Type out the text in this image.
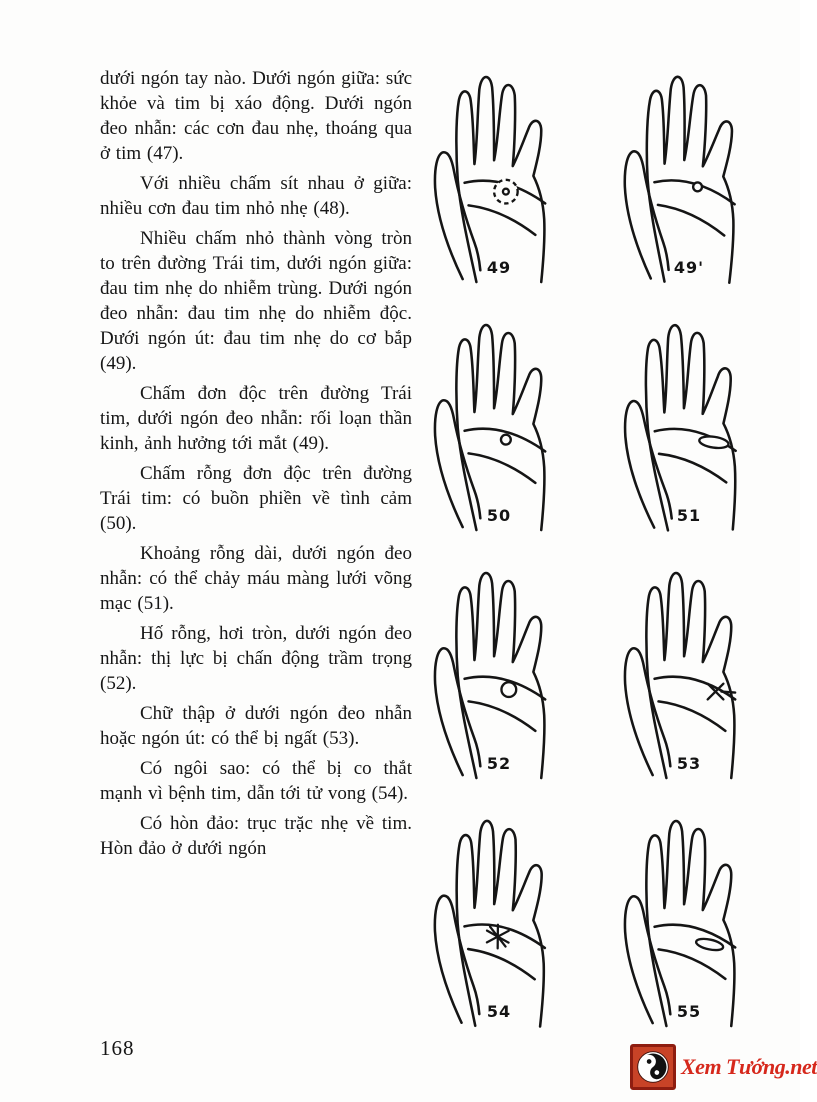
dưới ngón tay nào. Dưới ngón giữa: sức khỏe và tim bị xáo động. Dưới ngón đeo nhẫn: các cơn đau nhẹ, thoáng qua ở tim (47).

Với nhiều chấm sít nhau ở giữa: nhiều cơn đau tim nhỏ nhẹ (48).

Nhiều chấm nhỏ thành vòng tròn to trên đường Trái tim, dưới ngón giữa: đau tim nhẹ do nhiễm trùng. Dưới ngón đeo nhẫn: đau tim nhẹ do nhiễm độc. Dưới ngón út: đau tim nhẹ do cơ bắp (49).

Chấm đơn độc trên đường Trái tim, dưới ngón đeo nhẫn: rối loạn thần kinh, ảnh hưởng tới mắt (49).

Chấm rỗng đơn độc trên đường Trái tim: có buồn phiền về tình cảm (50).

Khoảng rỗng dài, dưới ngón đeo nhẫn: có thể chảy máu màng lưới võng mạc (51).

Hố rỗng, hơi tròn, dưới ngón đeo nhẫn: thị lực bị chấn động trầm trọng (52).

Chữ thập ở dưới ngón đeo nhẫn hoặc ngón út: có thể bị ngất (53).

Có ngôi sao: có thể bị co thắt mạnh vì bệnh tim, dẫn tới tử vong (54).

Có hòn đảo: trục trặc nhẹ về tim. Hòn đảo ở dưới ngón

49	49'
50	51
52	53
54	55
168
Xem Tướng.net
